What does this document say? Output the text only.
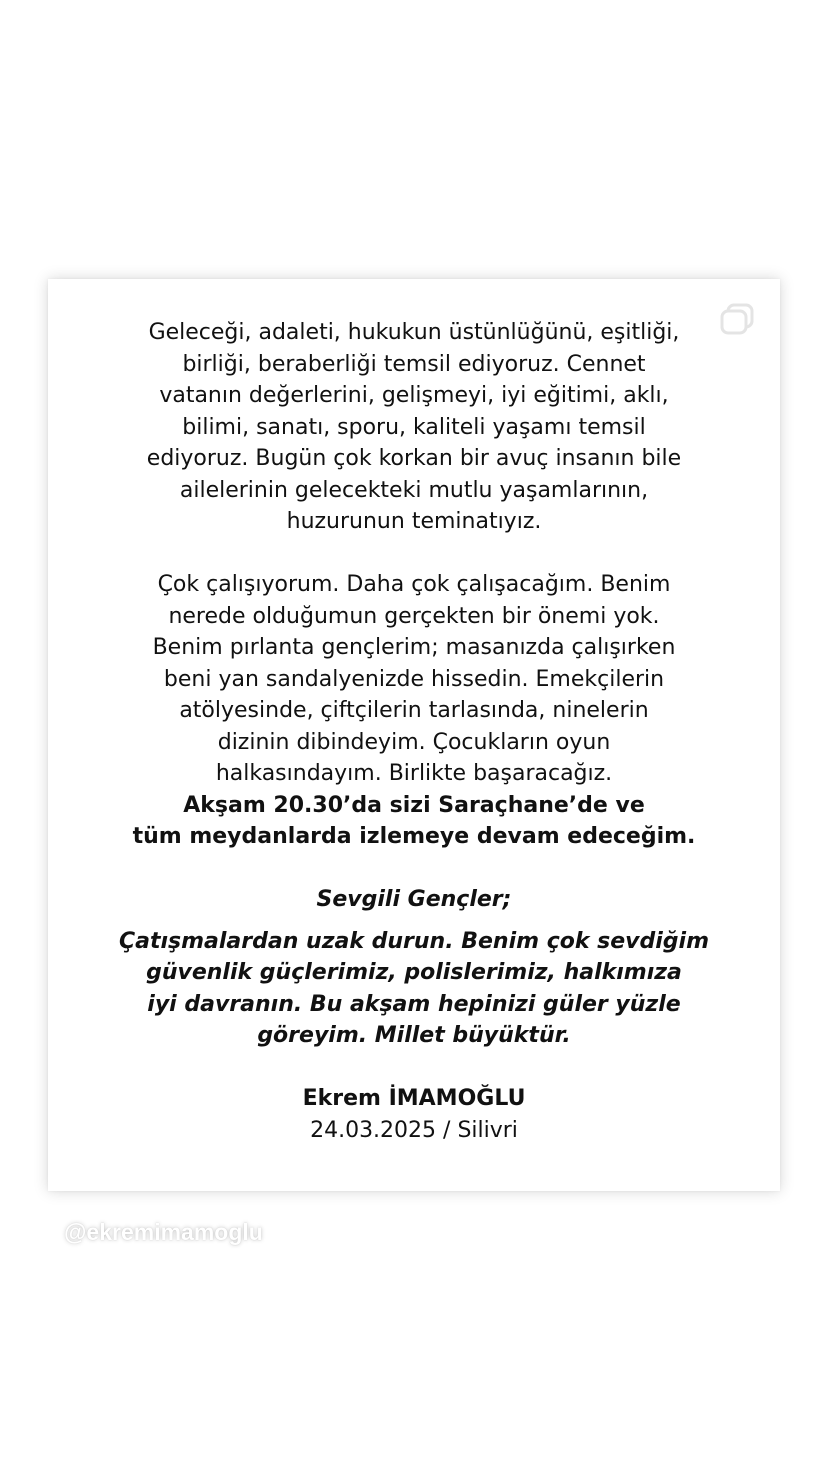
Geleceği, adaleti, hukukun üstünlüğünü, eşitliği,
birliği, beraberliği temsil ediyoruz. Cennet
vatanın değerlerini, gelişmeyi, iyi eğitimi, aklı,
bilimi, sanatı, sporu, kaliteli yaşamı temsil
ediyoruz. Bugün çok korkan bir avuç insanın bile
ailelerinin gelecekteki mutlu yaşamlarının,
huzurunun teminatıyız.
Çok çalışıyorum. Daha çok çalışacağım. Benim
nerede olduğumun gerçekten bir önemi yok.
Benim pırlanta gençlerim; masanızda çalışırken
beni yan sandalyenizde hissedin. Emekçilerin
atölyesinde, çiftçilerin tarlasında, ninelerin
dizinin dibindeyim. Çocukların oyun
halkasındayım. Birlikte başaracağız.
Akşam 20.30’da sizi Saraçhane’de ve
tüm meydanlarda izlemeye devam edeceğim.
Sevgili Gençler;
Çatışmalardan uzak durun. Benim çok sevdiğim
güvenlik güçlerimiz, polislerimiz, halkımıza
iyi davranın. Bu akşam hepinizi güler yüzle
göreyim. Millet büyüktür.
Ekrem İMAMOĞLU
24.03.2025 / Silivri
@ekremimamoglu
